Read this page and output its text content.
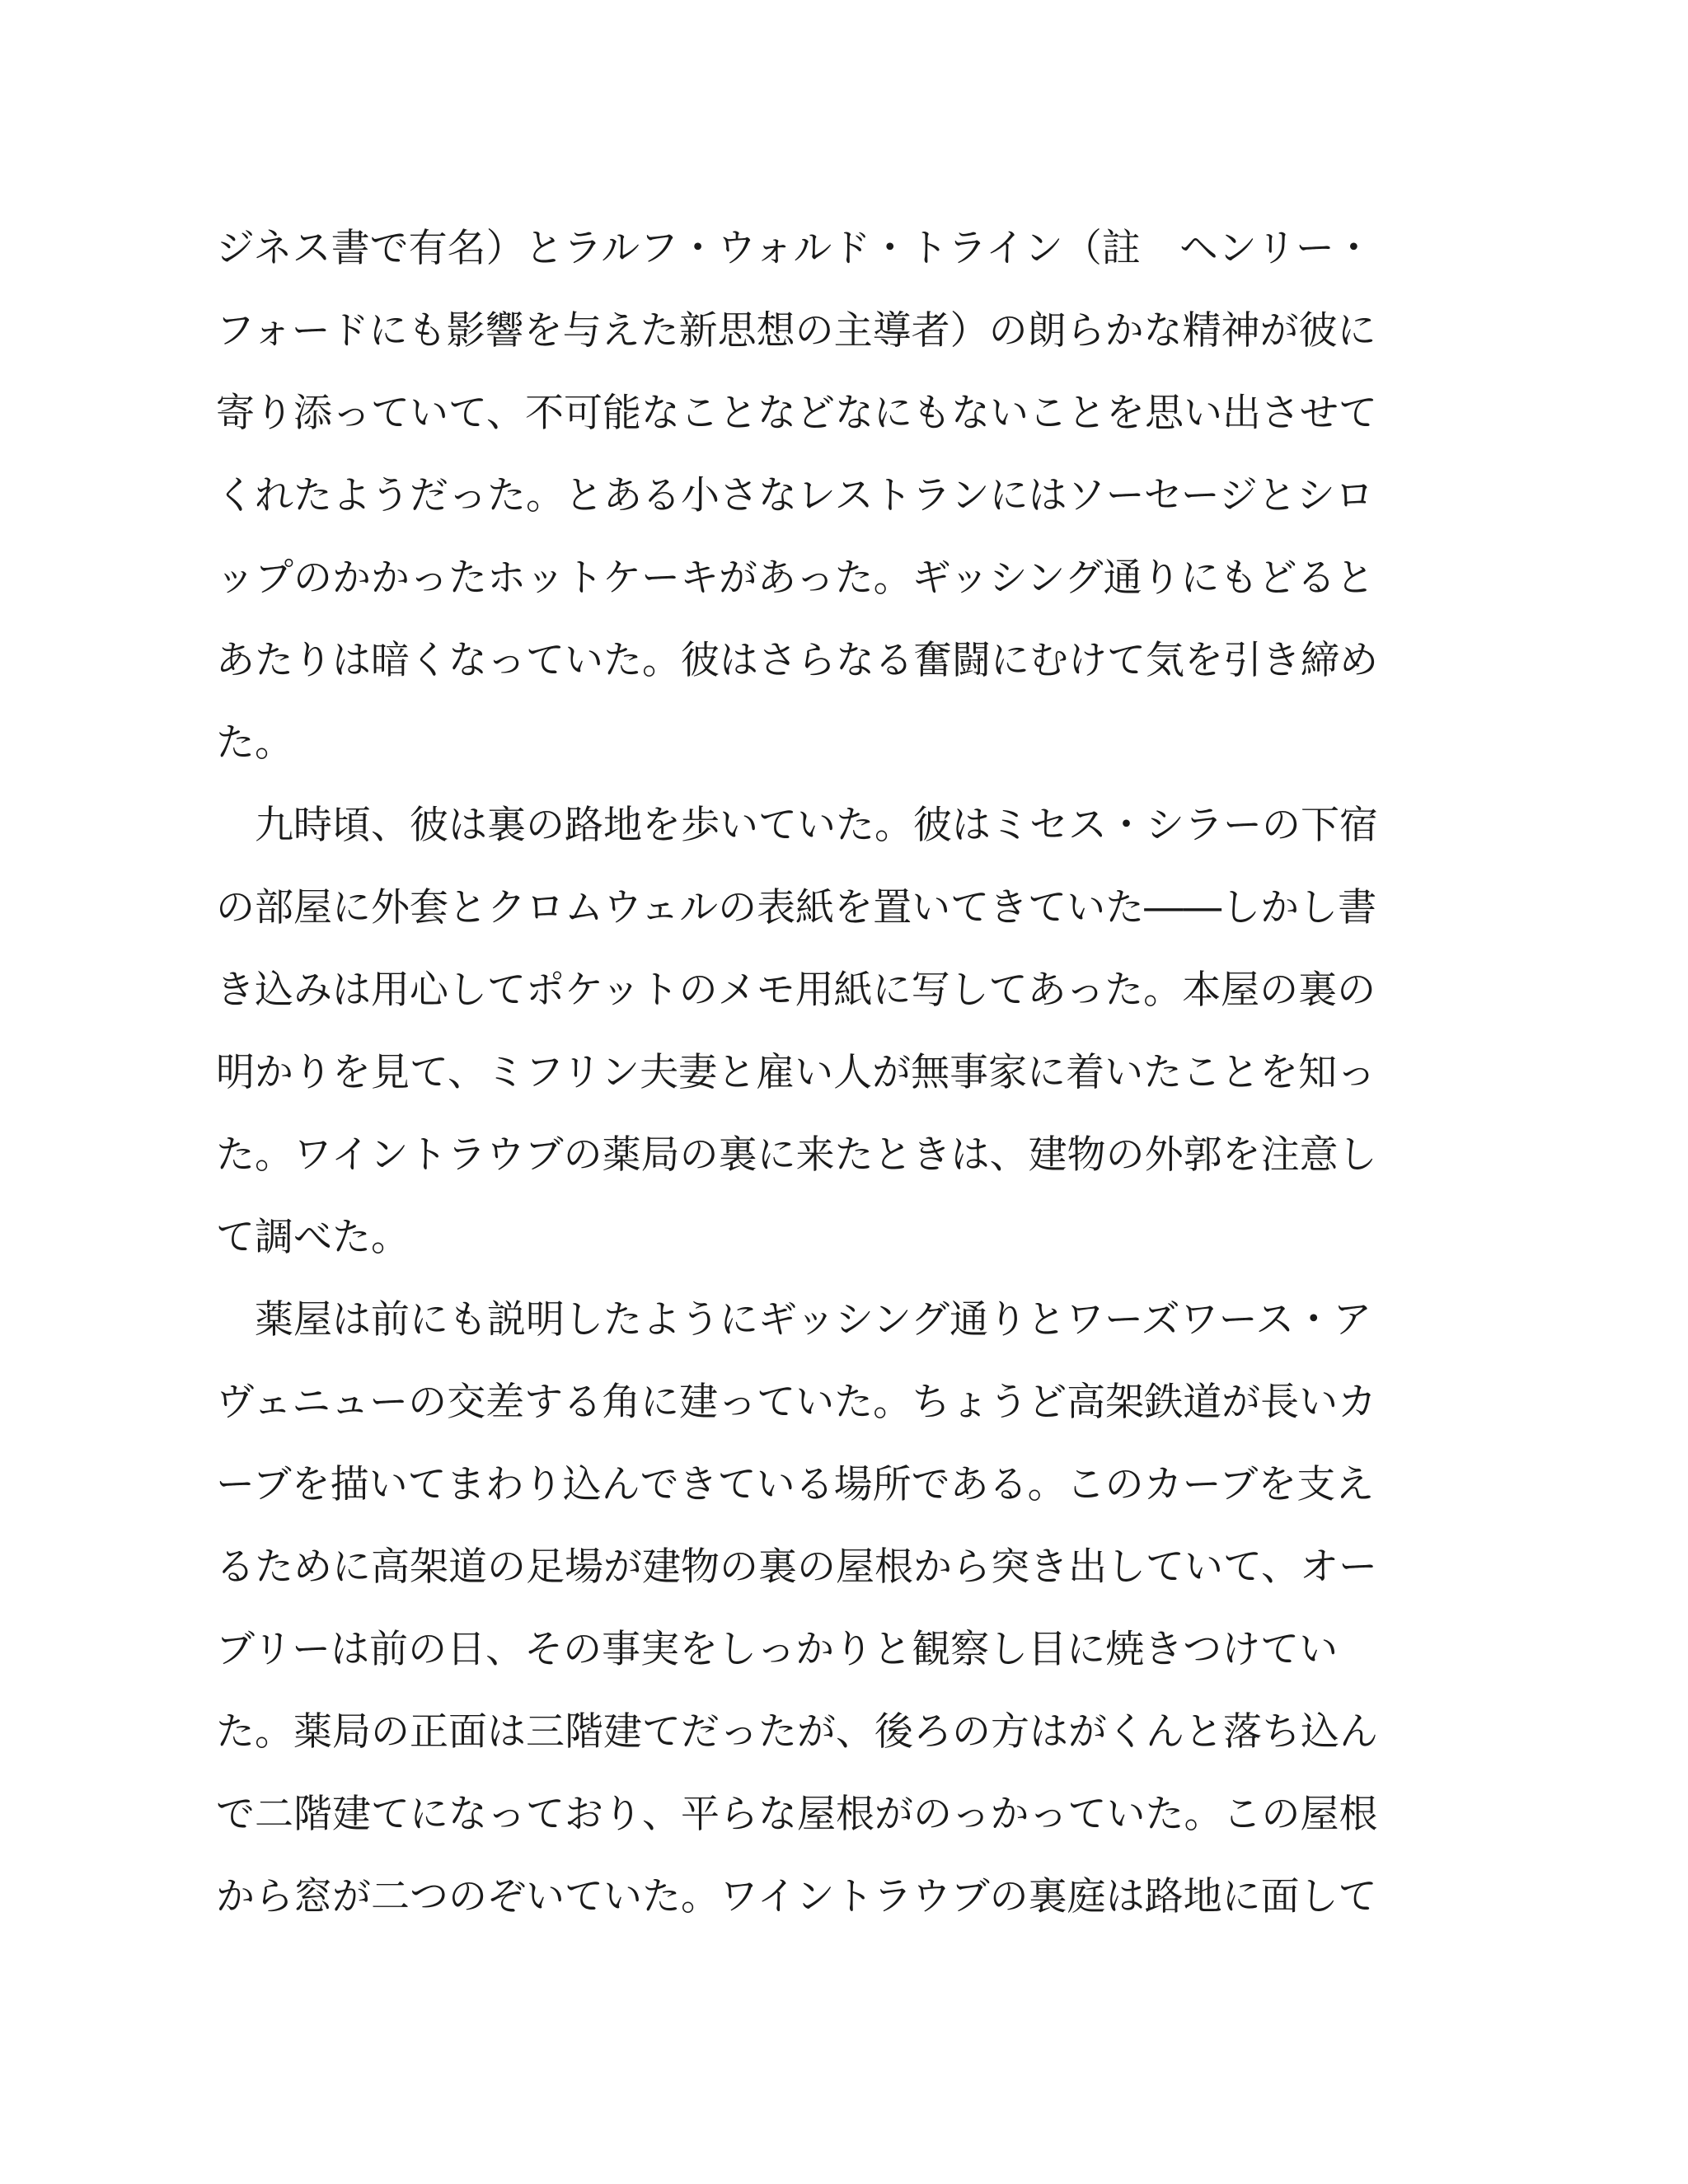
ジネス書で有名）とラルフ・ウォルド・トライン（註　ヘンリー・
フォードにも影響を与えた新思想の主導者）の朗らかな精神が彼に
寄り添っていて、不可能なことなどなにもないことを思い出させて
くれたようだった。とある小さなレストランにはソーセージとシロ
ップのかかったホットケーキがあった。ギッシング通りにもどると
あたりは暗くなっていた。彼はさらなる奮闘にむけて気を引き締め
た。
　九時頃、彼は裏の路地を歩いていた。彼はミセス・シラーの下宿
の部屋に外套とクロムウェルの表紙を置いてきていた――しかし書
き込みは用心してポケットのメモ用紙に写してあった。本屋の裏の
明かりを見て、ミフリン夫妻と雇い人が無事家に着いたことを知っ
た。ワイントラウブの薬局の裏に来たときは、建物の外郭を注意し
て調べた。
　薬屋は前にも説明したようにギッシング通りとワーズワース・ア
ヴェニューの交差する角に建っていた。ちょうど高架鉄道が長いカ
ーブを描いてまわり込んできている場所である。このカーブを支え
るために高架道の足場が建物の裏の屋根から突き出していて、オー
ブリーは前の日、その事実をしっかりと観察し目に焼きつけてい
た。薬局の正面は三階建てだったが、後ろの方はがくんと落ち込ん
で二階建てになっており、平らな屋根がのっかっていた。この屋根
から窓が二つのぞいていた。ワイントラウブの裏庭は路地に面して
